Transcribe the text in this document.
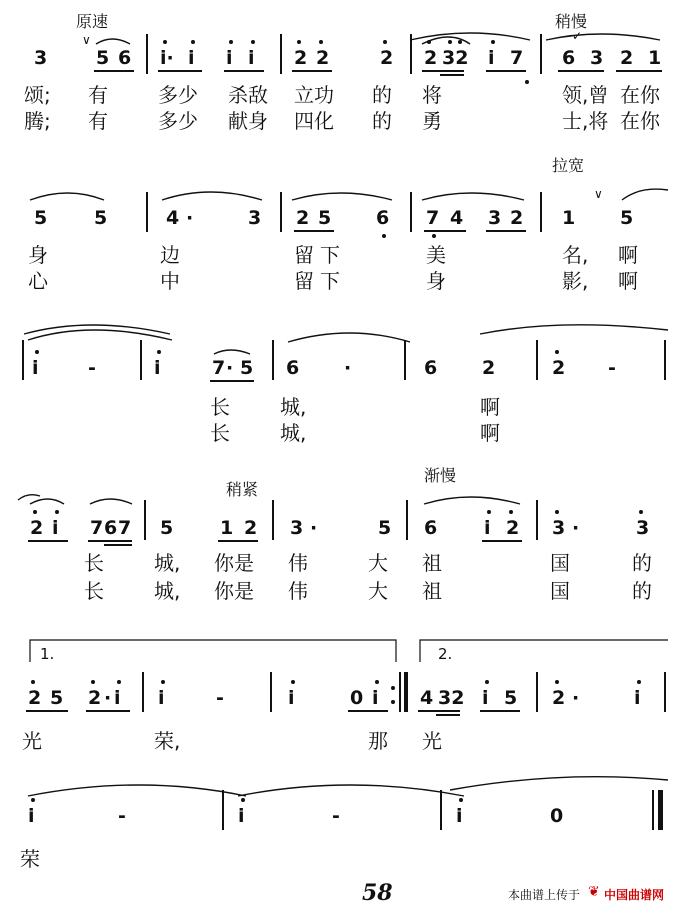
原速	稍慢
∨	✓
3	5 6 i· i i i 2 2	2 2 32 i 7 6 3 2 1
颂; 有	多少 杀敌 立功 的 将	领,曾 在你
腾; 有	多少 献身 四化 的 勇	士,将 在你
拉宽
∨
5 5	4 ·	3 2 5 6 7 4 3 2 1 5
身	边	留 下	美	名, 啊
心	中	留 下	身	影, 啊
i	-	i	7 · 5 6 ·	6 2	2 -
长	城,	啊
长	城,	啊
稍紧
渐慢
2 i 7 6 7 5 1 2 3 ·	5 6 i 2 3 ·	3
长	城, 你是 伟	大 祖	国	的
长	城, 你是 伟	大 祖	国	的
1.	2.
2 5 2 · i i	-	i	0 i 4 32 i 5 2 ·	i
光	荣,	那 光
i	-	i	-	i	0
荣
58	本曲谱上传于 ❦ 中国曲谱网
